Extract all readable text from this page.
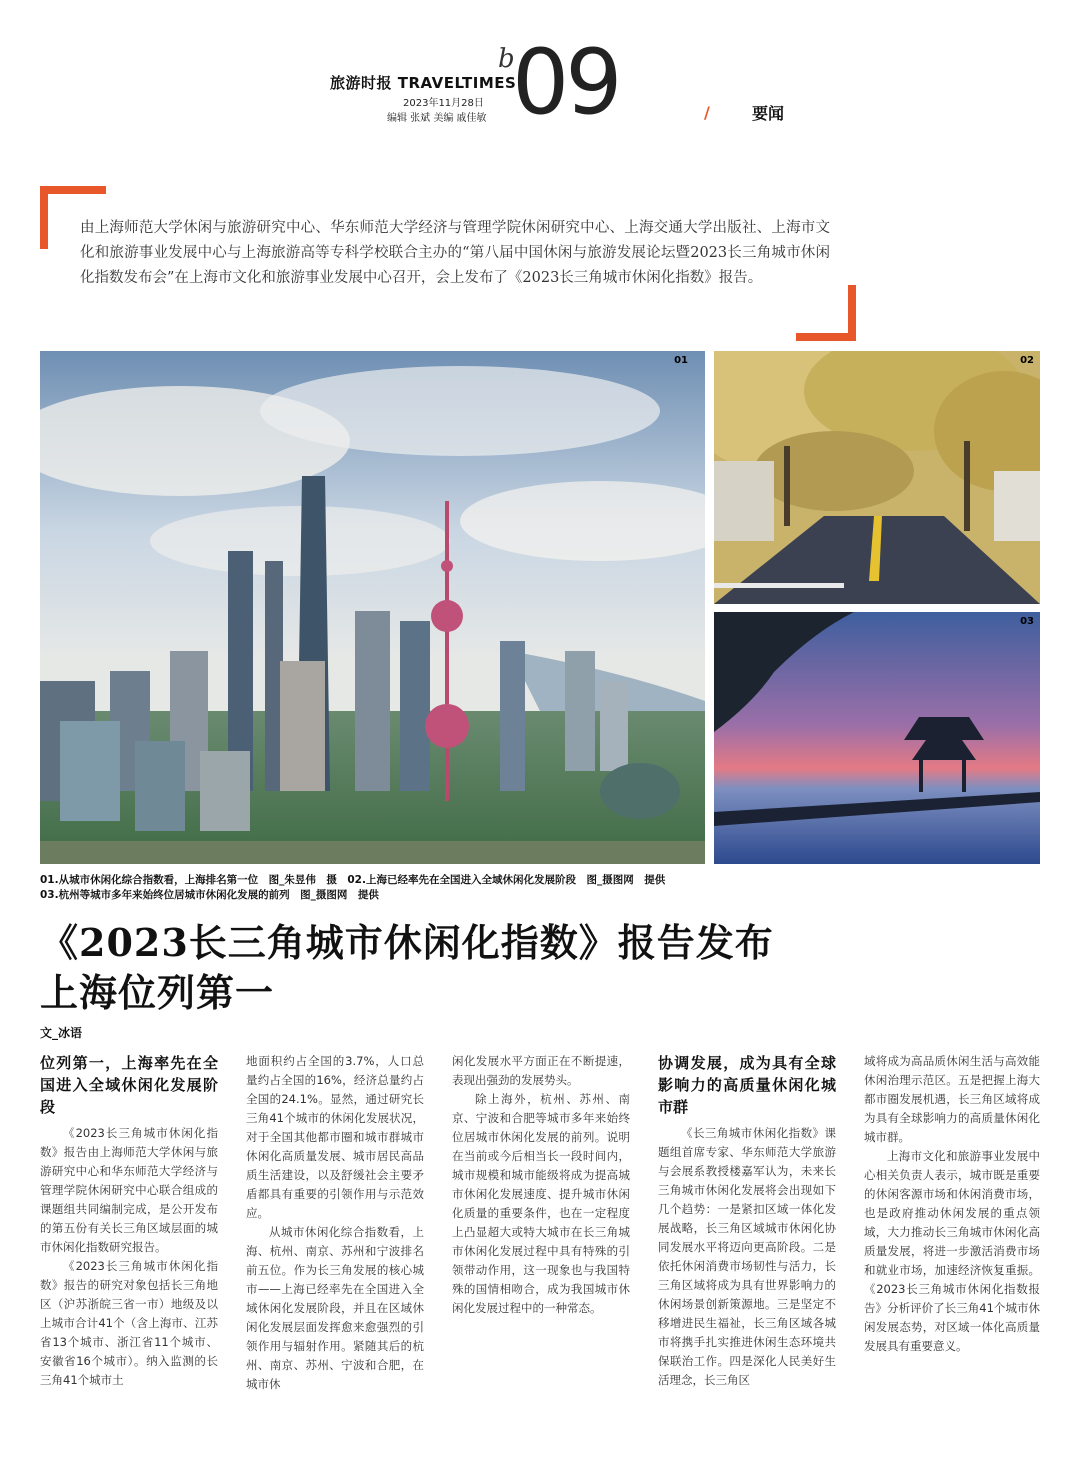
旅游时报 TRAVELTIMES
2023年11月28日
编辑 张斌 美编 戚佳敏
b
09	/	要闻
由上海师范大学休闲与旅游研究中心、华东师范大学经济与管理学院休闲研究中心、上海交通大学出版社、上海市文化和旅游事业发展中心与上海旅游高等专科学校联合主办的“第八届中国休闲与旅游发展论坛暨2023长三角城市休闲化指数发布会”在上海市文化和旅游事业发展中心召开，会上发布了《2023长三角城市休闲化指数》报告。
01	02
03
01.从城市休闲化综合指数看，上海排名第一位　图_朱昱伟　摄　02.上海已经率先在全国进入全域休闲化发展阶段　图_摄图网　提供
03.杭州等城市多年来始终位居城市休闲化发展的前列　图_摄图网　提供
《2023长三角城市休闲化指数》报告发布
上海位列第一
文_冰语
位列第一，上海率先在全国进入全域休闲化发展阶段

《2023长三角城市休闲化指数》报告由上海师范大学休闲与旅游研究中心和华东师范大学经济与管理学院休闲研究中心联合组成的课题组共同编制完成，是公开发布的第五份有关长三角区域层面的城市休闲化指数研究报告。

《2023长三角城市休闲化指数》报告的研究对象包括长三角地区（沪苏浙皖三省一市）地级及以上城市合计41个（含上海市、江苏省13个城市、浙江省11个城市、安徽省16个城市）。纳入监测的长三角41个城市土

地面积约占全国的3.7%，人口总量约占全国的16%，经济总量约占全国的24.1%。显然，通过研究长三角41个城市的休闲化发展状况，对于全国其他都市圈和城市群城市休闲化高质量发展、城市居民高品质生活建设，以及舒缓社会主要矛盾都具有重要的引领作用与示范效应。

从城市休闲化综合指数看，上海、杭州、南京、苏州和宁波排名前五位。作为长三角发展的核心城市——上海已经率先在全国进入全域休闲化发展阶段，并且在区域休闲化发展层面发挥愈来愈强烈的引领作用与辐射作用。紧随其后的杭州、南京、苏州、宁波和合肥，在城市休

闲化发展水平方面正在不断提速，表现出强劲的发展势头。

除上海外，杭州、苏州、南京、宁波和合肥等城市多年来始终位居城市休闲化发展的前列。说明在当前或今后相当长一段时间内，城市规模和城市能级将成为提高城市休闲化发展速度、提升城市休闲化质量的重要条件，也在一定程度上凸显超大或特大城市在长三角城市休闲化发展过程中具有特殊的引领带动作用，这一现象也与我国特殊的国情相吻合，成为我国城市休闲化发展过程中的一种常态。

协调发展，成为具有全球影响力的高质量休闲化城市群

《长三角城市休闲化指数》课题组首席专家、华东师范大学旅游与会展系教授楼嘉军认为，未来长三角城市休闲化发展将会出现如下几个趋势：一是紧扣区域一体化发展战略，长三角区域城市休闲化协同发展水平将迈向更高阶段。二是依托休闲消费市场韧性与活力，长三角区域将成为具有世界影响力的休闲场景创新策源地。三是坚定不移增进民生福祉，长三角区域各城市将携手扎实推进休闲生态环境共保联治工作。四是深化人民美好生活理念，长三角区

域将成为高品质休闲生活与高效能休闲治理示范区。五是把握上海大都市圈发展机遇，长三角区域将成为具有全球影响力的高质量休闲化城市群。

上海市文化和旅游事业发展中心相关负责人表示，城市既是重要的休闲客源市场和休闲消费市场，也是政府推动休闲发展的重点领域，大力推动长三角城市休闲化高质量发展，将进一步激活消费市场和就业市场，加速经济恢复重振。《2023长三角城市休闲化指数报告》分析评价了长三角41个城市休闲发展态势，对区域一体化高质量发展具有重要意义。
